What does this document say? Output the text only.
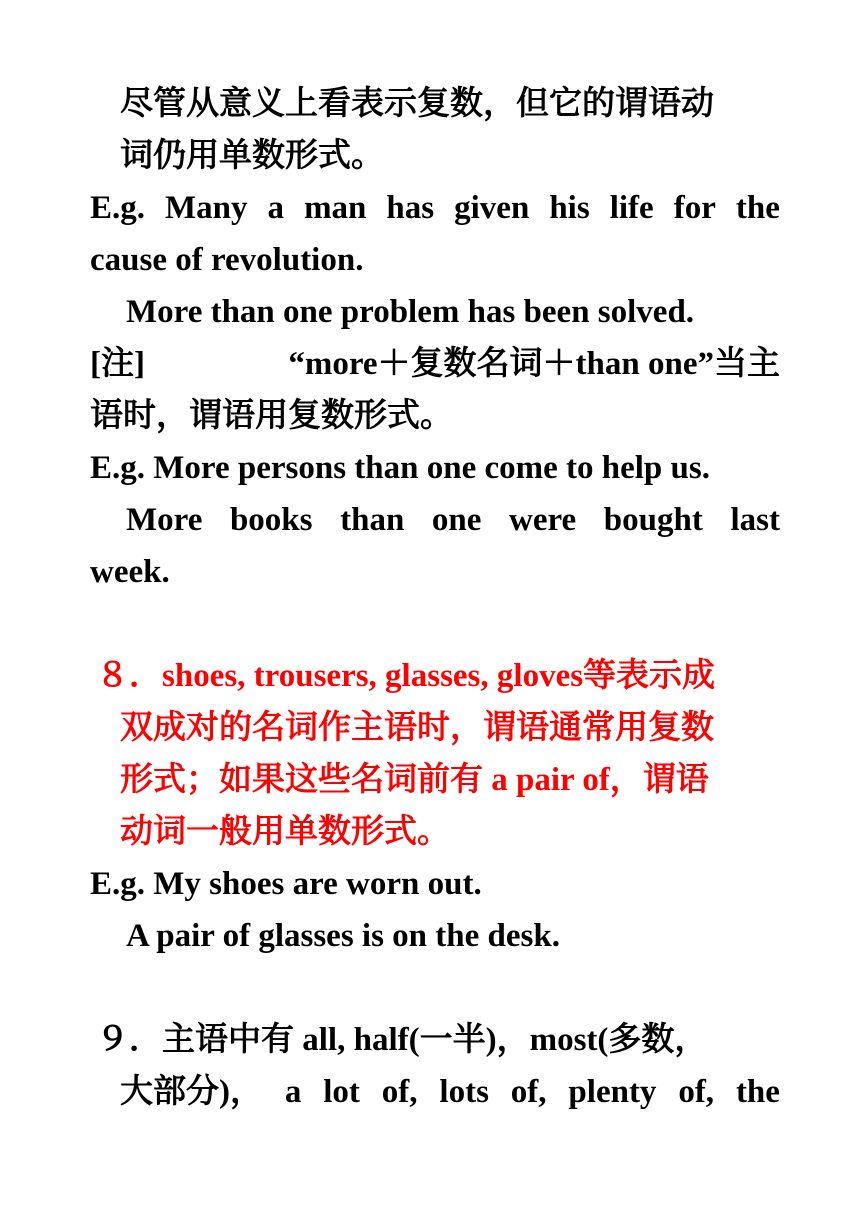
尽管从意义上看表示复数，但它的谓语动

词仍用单数形式。

E.g. Many a man has given his life for the

cause of revolution.

More than one problem has been solved.

[注]	“more＋复数名词＋than one”当主

语时，谓语用复数形式。

E.g. More persons than one come to help us.

More books than one were bought last

week.

８．shoes, trousers, glasses, gloves等表示成

双成对的名词作主语时，谓语通常用复数

形式；如果这些名词前有 a pair of，谓语

动词一般用单数形式。

E.g. My shoes are worn out.

A pair of glasses is on the desk.

９．主语中有 all, half(一半)，most(多数，

大部分)， a lot of, lots of, plenty of, the
